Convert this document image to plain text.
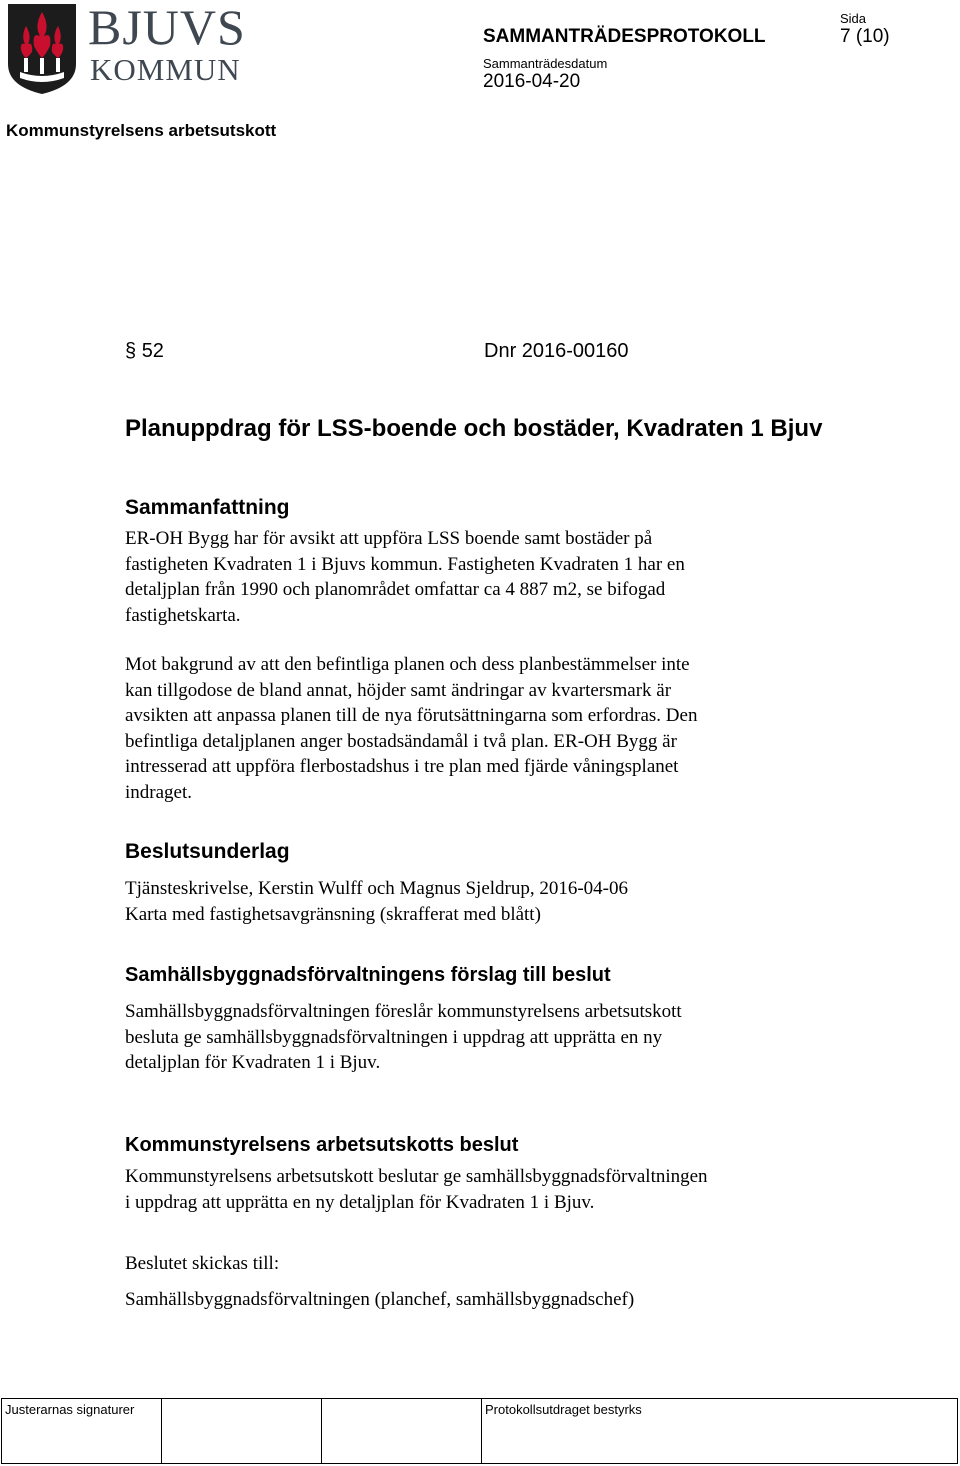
BJUVS
KOMMUN
SAMMANTRÄDESPROTOKOLL
Sammanträdesdatum
2016-04-20
Sida
7 (10)
Kommunstyrelsens arbetsutskott
§ 52	Dnr 2016-00160
Planuppdrag för LSS-boende och bostäder, Kvadraten 1 Bjuv
Sammanfattning

ER-OH Bygg har för avsikt att uppföra LSS boende samt bostäder på
fastigheten Kvadraten 1 i Bjuvs kommun. Fastigheten Kvadraten 1 har en
detaljplan från 1990 och planområdet omfattar ca 4 887 m2, se bifogad
fastighetskarta.

Mot bakgrund av att den befintliga planen och dess planbestämmelser inte
kan tillgodose de bland annat, höjder samt ändringar av kvartersmark är
avsikten att anpassa planen till de nya förutsättningarna som erfordras. Den
befintliga detaljplanen anger bostadsändamål i två plan. ER-OH Bygg är
intresserad att uppföra flerbostadshus i tre plan med fjärde våningsplanet
indraget.

Beslutsunderlag

Tjänsteskrivelse, Kerstin Wulff och Magnus Sjeldrup, 2016-04-06
Karta med fastighetsavgränsning (skrafferat med blått)

Samhällsbyggnadsförvaltningens förslag till beslut

Samhällsbyggnadsförvaltningen föreslår kommunstyrelsens arbetsutskott
besluta ge samhällsbyggnadsförvaltningen i uppdrag att upprätta en ny
detaljplan för Kvadraten 1 i Bjuv.

Kommunstyrelsens arbetsutskotts beslut

Kommunstyrelsens arbetsutskott beslutar ge samhällsbyggnadsförvaltningen
i uppdrag att upprätta en ny detaljplan för Kvadraten 1 i Bjuv.

Beslutet skickas till:

Samhällsbyggnadsförvaltningen (planchef, samhällsbyggnadschef)

Justerarnas signaturer			Protokollsutdraget bestyrks
